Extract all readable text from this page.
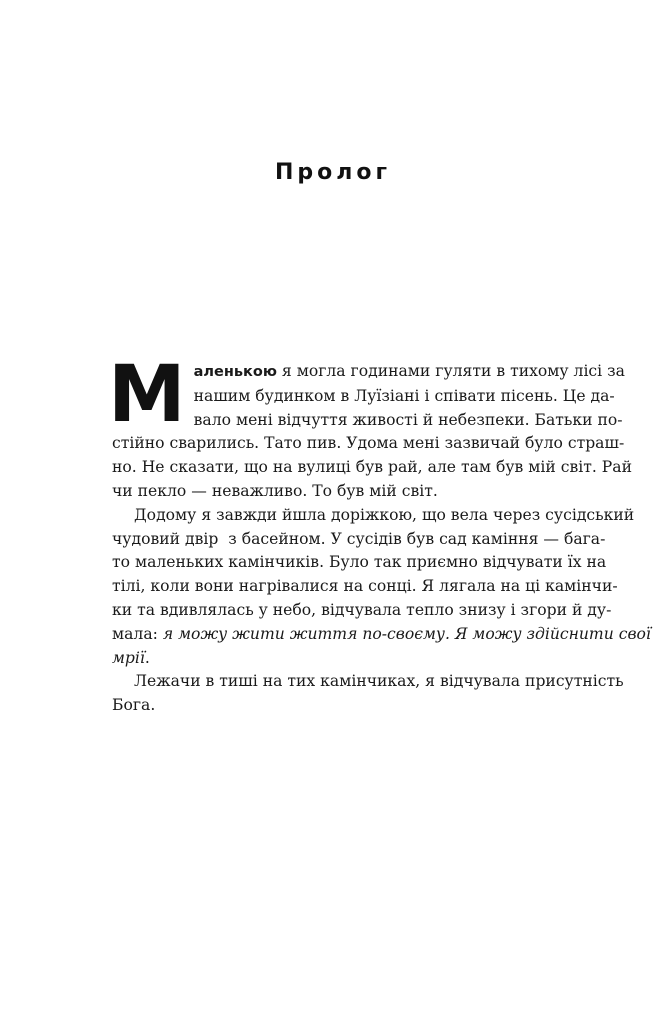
Пролог

М аленькою я могла годинами гуляти в тихому лісі за
нашим будинком в Луїзіані і співати пісень. Це да-
вало мені відчуття живості й небезпеки. Батьки по-
стійно сварились. Тато пив. Удома мені зазвичай було страш-
но. Не сказати, що на вулиці був рай, але там був мій світ. Рай
чи пекло — неважливо. То був мій світ.

Додому я завжди йшла доріжкою, що вела через сусідський
чудовий двір  з басейном. У сусідів був сад каміння — бага-
то маленьких камінчиків. Було так приємно відчувати їх на
тілі, коли вони нагрівалися на сонці. Я лягала на ці камінчи-
ки та вдивлялась у небо, відчувала тепло знизу і згори й ду-
мала: я можу жити життя по-своєму. Я можу здійснити свої
мрії.

Лежачи в тиші на тих камінчиках, я відчувала присутність
Бога.
